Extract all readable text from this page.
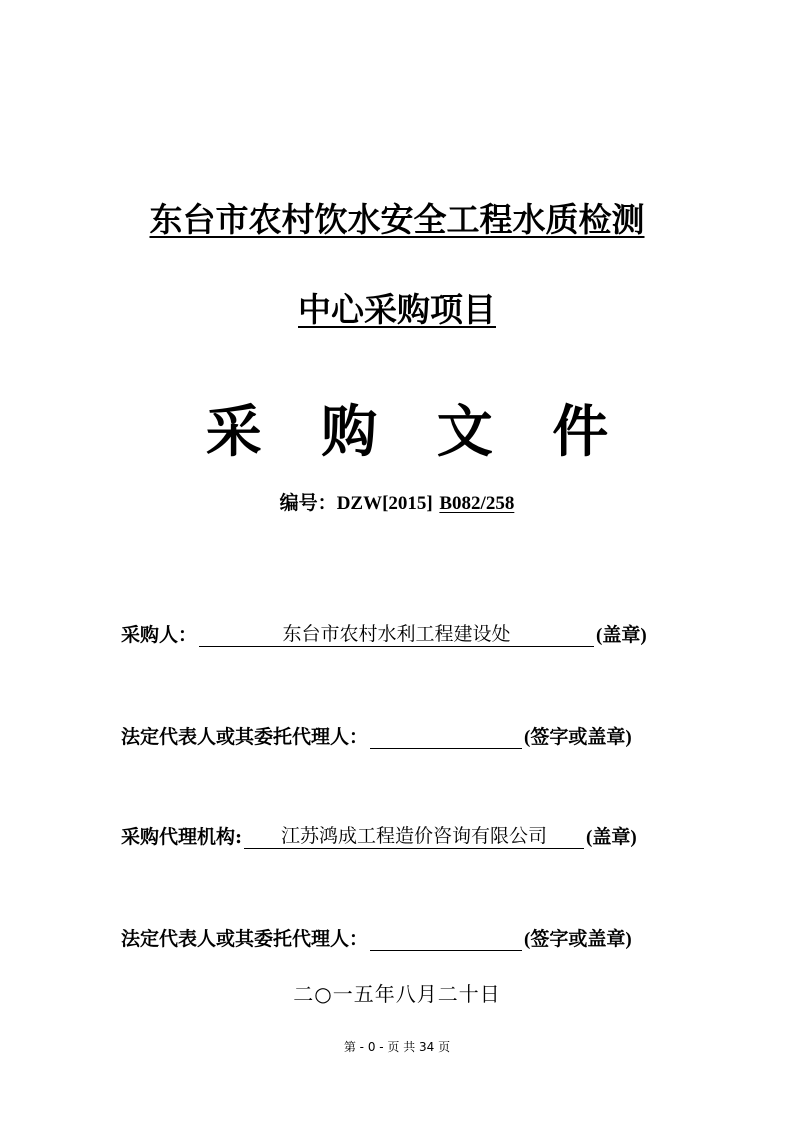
东台市农村饮水安全工程水质检测
中心采购项目
采 购 文 件
编号：DZW[2015] B082/258
采购人：	东台市农村水利工程建设处	(盖章)
法定代表人或其委托代理人：	(签字或盖章)
采购代理机构:	江苏鸿成工程造价咨询有限公司	(盖章)
法定代表人或其委托代理人：	(签字或盖章)
二○一五年八月二十日
第 - 0 - 页 共 34 页
